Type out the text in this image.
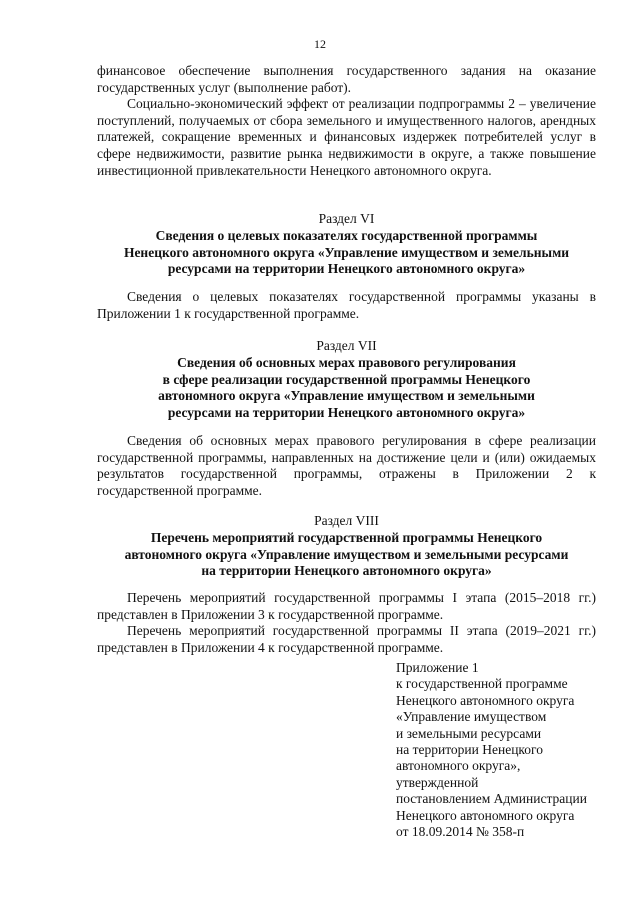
12

финансовое обеспечение выполнения государственного задания на оказание государственных услуг (выполнение работ).

Социально-экономический эффект от реализации подпрограммы 2 – увеличение поступлений, получаемых от сбора земельного и имущественного налогов, арендных платежей, сокращение временных и финансовых издержек потребителей услуг в сфере недвижимости, развитие рынка недвижимости в округе, а также повышение инвестиционной привлекательности Ненецкого автономного округа.

Раздел VI

Сведения о целевых показателях государственной программы

Ненецкого автономного округа «Управление имуществом и земельными

ресурсами на территории Ненецкого автономного округа»

Сведения о целевых показателях государственной программы указаны в Приложении 1 к государственной программе.

Раздел VII

Сведения об основных мерах правового регулирования

в сфере реализации государственной программы Ненецкого

автономного округа «Управление имуществом и земельными

ресурсами на территории Ненецкого автономного округа»

Сведения об основных мерах правового регулирования в сфере реализации государственной программы, направленных на достижение цели и (или) ожидаемых результатов государственной программы, отражены в Приложении 2 к государственной программе.

Раздел VIII

Перечень мероприятий государственной программы Ненецкого

автономного округа «Управление имуществом и земельными ресурсами

на территории Ненецкого автономного округа»

Перечень мероприятий государственной программы I этапа (2015–2018 гг.) представлен в Приложении 3 к государственной программе.

Перечень мероприятий государственной программы II этапа (2019–2021 гг.) представлен в Приложении 4 к государственной программе.

Приложение 1

к государственной программе

Ненецкого автономного округа

«Управление имуществом

и земельными ресурсами

на территории Ненецкого

автономного округа»,

утвержденной

постановлением Администрации

Ненецкого автономного округа

от 18.09.2014 № 358-п
